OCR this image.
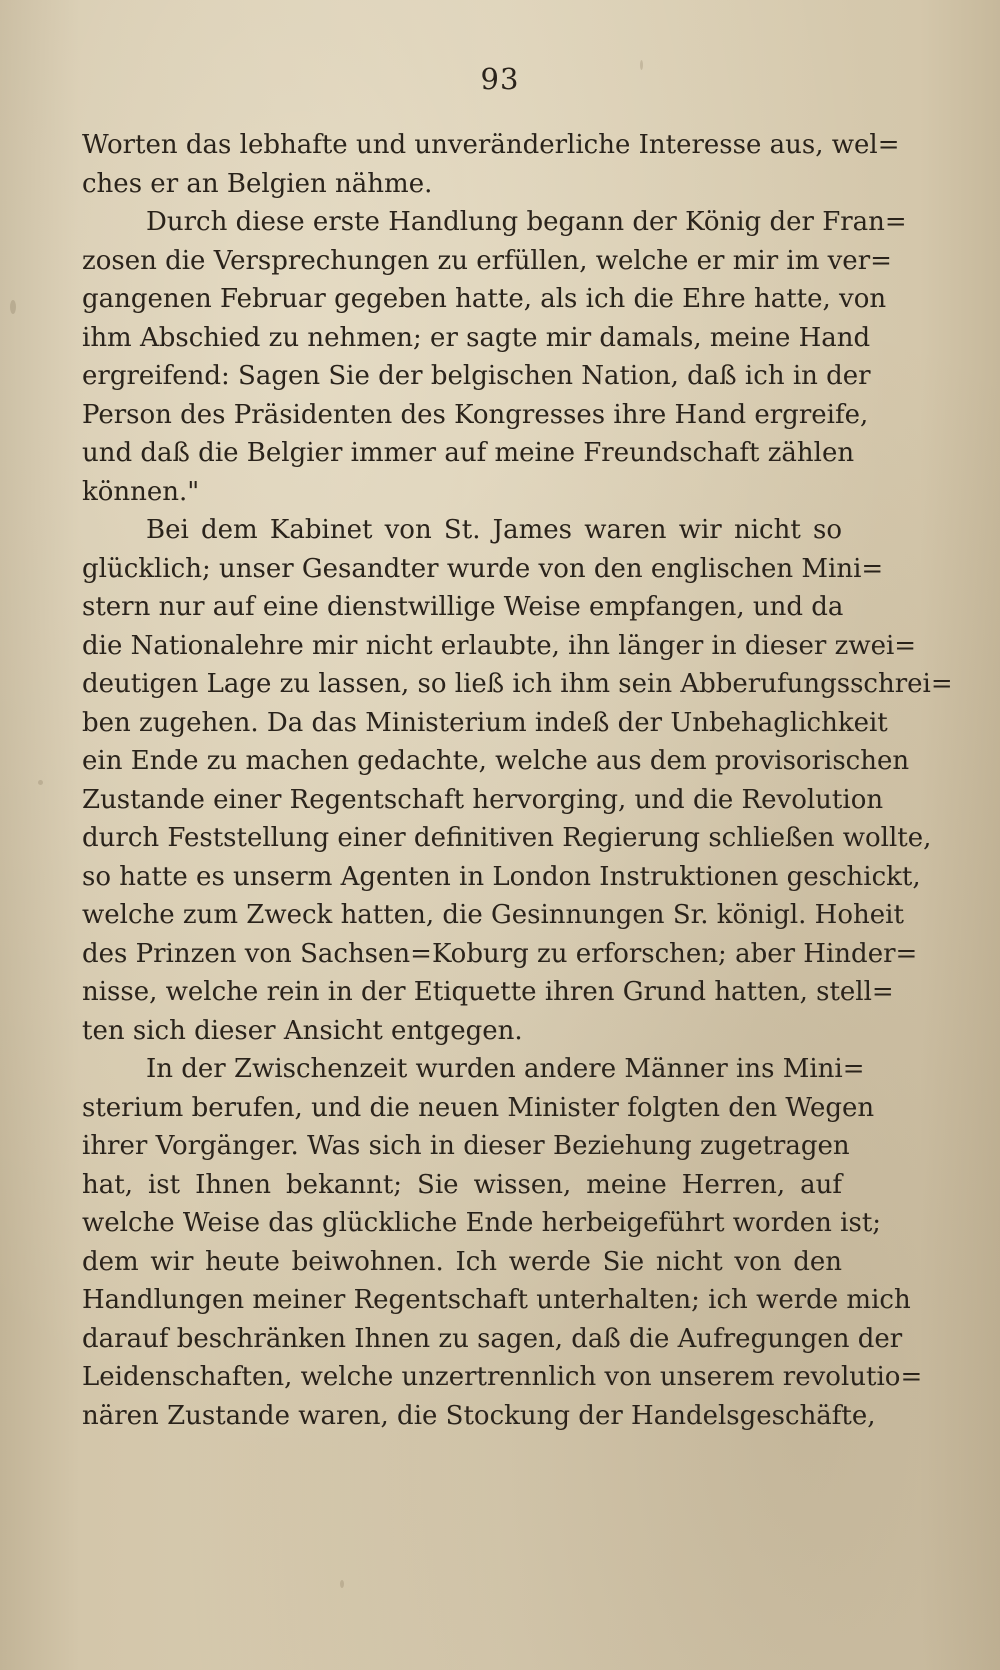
93
Worten das lebhafte und unveränderliche Interesse aus, wel=
ches er an Belgien nähme.
Durch diese erste Handlung begann der König der Fran=
zosen die Versprechungen zu erfüllen, welche er mir im ver=
gangenen Februar gegeben hatte, als ich die Ehre hatte, von
ihm Abschied zu nehmen; er sagte mir damals, meine Hand
ergreifend: Sagen Sie der belgischen Nation, daß ich in der
Person des Präsidenten des Kongresses ihre Hand ergreife,
und daß die Belgier immer auf meine Freundschaft zählen
können."
Bei dem Kabinet von St. James waren wir nicht so
glücklich; unser Gesandter wurde von den englischen Mini=
stern nur auf eine dienstwillige Weise empfangen, und da
die Nationalehre mir nicht erlaubte, ihn länger in dieser zwei=
deutigen Lage zu lassen, so ließ ich ihm sein Abberufungsschrei=
ben zugehen. Da das Ministerium indeß der Unbehaglichkeit
ein Ende zu machen gedachte, welche aus dem provisorischen
Zustande einer Regentschaft hervorging, und die Revolution
durch Feststellung einer definitiven Regierung schließen wollte,
so hatte es unserm Agenten in London Instruktionen geschickt,
welche zum Zweck hatten, die Gesinnungen Sr. königl. Hoheit
des Prinzen von Sachsen=Koburg zu erforschen; aber Hinder=
nisse, welche rein in der Etiquette ihren Grund hatten, stell=
ten sich dieser Ansicht entgegen.
In der Zwischenzeit wurden andere Männer ins Mini=
sterium berufen, und die neuen Minister folgten den Wegen
ihrer Vorgänger. Was sich in dieser Beziehung zugetragen
hat, ist Ihnen bekannt; Sie wissen, meine Herren, auf
welche Weise das glückliche Ende herbeigeführt worden ist;
dem wir heute beiwohnen. Ich werde Sie nicht von den
Handlungen meiner Regentschaft unterhalten; ich werde mich
darauf beschränken Ihnen zu sagen, daß die Aufregungen der
Leidenschaften, welche unzertrennlich von unserem revolutio=
nären Zustande waren, die Stockung der Handelsgeschäfte,
